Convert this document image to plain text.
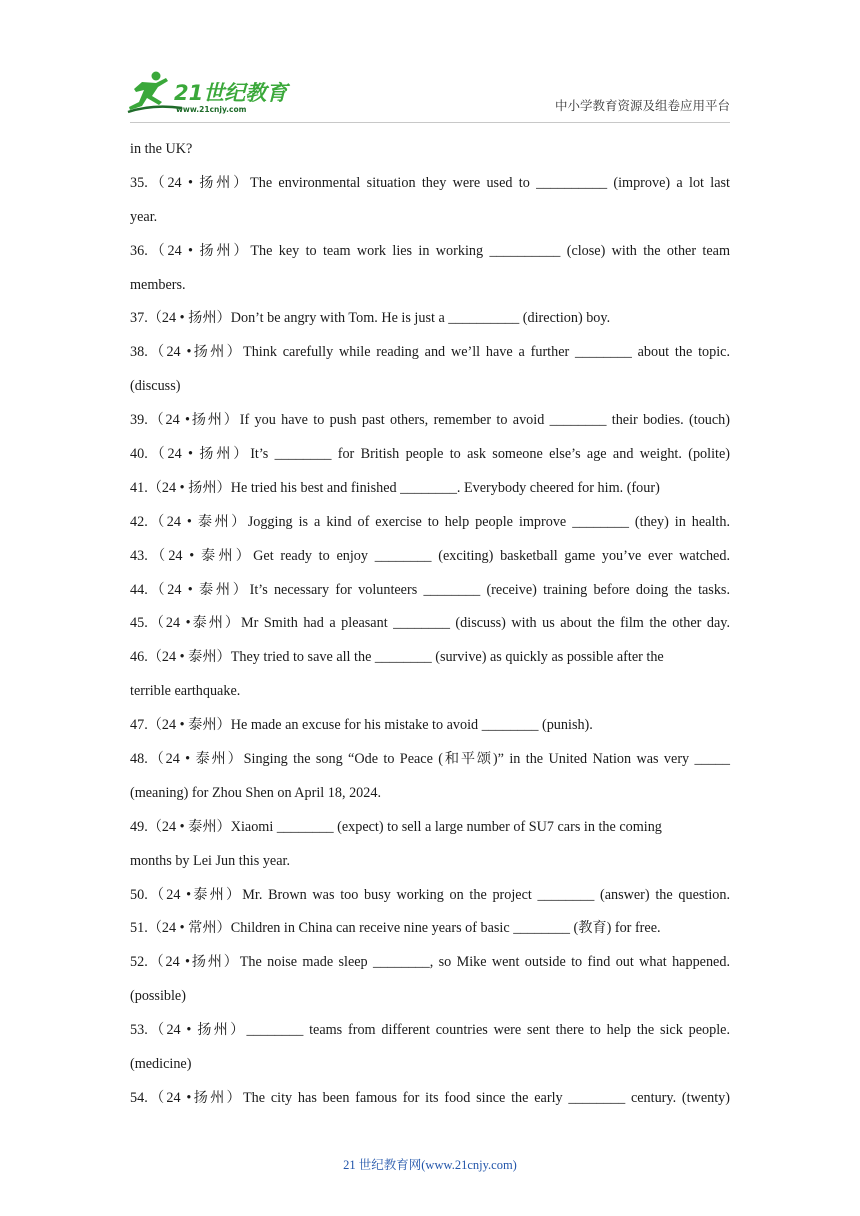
21世纪教育
www.21cnjy.com	中小学教育资源及组卷应用平台
in the UK?
35.（24 • 扬州）The environmental situation they were used to __________ (improve) a lot last
year.
36.（24 • 扬州）The key to team work lies in working __________ (close) with the other team
members.
37.（24 • 扬州）Don’t be angry with Tom. He is just a __________ (direction) boy.
38.（24 •扬州）Think carefully while reading and we’ll have a further ________ about the topic.
(discuss)
39.（24 •扬州）If you have to push past others, remember to avoid ________ their bodies. (touch)
40.（24 • 扬州）It’s ________ for British people to ask someone else’s age and weight. (polite)
41.（24 • 扬州）He tried his best and finished ________. Everybody cheered for him. (four)
42.（24 • 泰州）Jogging is a kind of exercise to help people improve ________ (they) in health.
43.（24 • 泰州）Get ready to enjoy ________ (exciting) basketball game you’ve ever watched.
44.（24 • 泰州）It’s necessary for volunteers ________ (receive) training before doing the tasks.
45.（24 •泰州）Mr Smith had a pleasant ________ (discuss) with us about the film the other day.
46.（24 • 泰州）They tried to save all the ________ (survive) as quickly as possible after the
terrible earthquake.
47.（24 • 泰州）He made an excuse for his mistake to avoid ________ (punish).
48.（24 • 泰州）Singing the song “Ode to Peace (和平颂)” in the United Nation was very _____
(meaning) for Zhou Shen on April 18, 2024.
49.（24 • 泰州）Xiaomi ________ (expect) to sell a large number of SU7 cars in the coming
months by Lei Jun this year.
50.（24 •泰州）Mr. Brown was too busy working on the project ________ (answer) the question.
51.（24 • 常州）Children in China can receive nine years of basic ________ (教育) for free.
52.（24 •扬州）The noise made sleep ________, so Mike went outside to find out what happened.
(possible)
53.（24 • 扬州）________ teams from different countries were sent there to help the sick people.
(medicine)
54.（24 •扬州）The city has been famous for its food since the early ________ century. (twenty)
21 世纪教育网(www.21cnjy.com)
